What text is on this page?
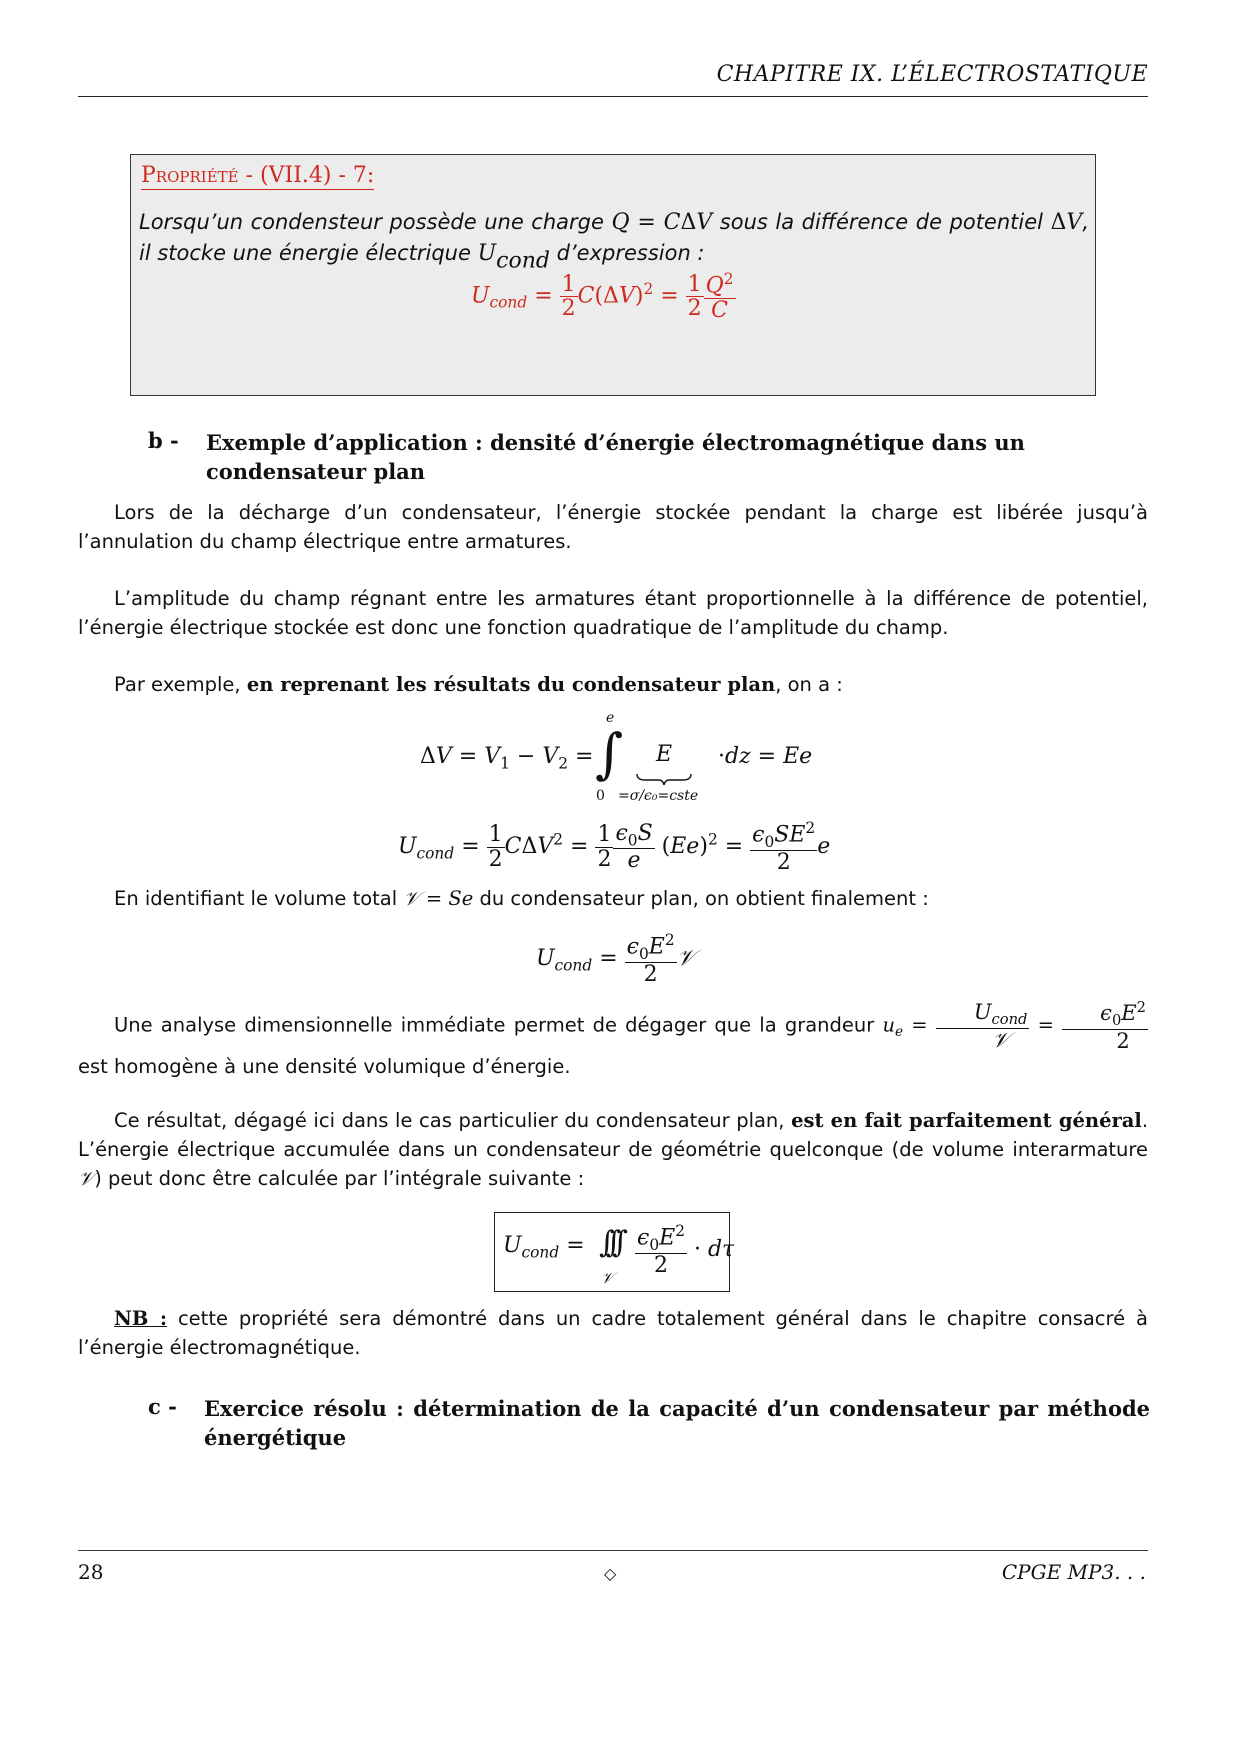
CHAPITRE IX. L’ÉLECTROSTATIQUE
Propriété - (VII.4) - 7:
Lorsqu’un condensteur possède une charge Q = CΔV sous la différence de potentiel ΔV, il stocke une énergie électrique Ucond d’expression :
$U_{cond} = \frac{1}{2} C(\Delta V)^2 = \frac{1}{2} \frac{Q^2}{C}$
b - Exemple d’application : densité d’énergie électromagnétique dans un condensateur plan
Lors de la décharge d’un condensateur, l’énergie stockée pendant la charge est libérée jusqu’à l’annulation du champ électrique entre armatures.
L’amplitude du champ régnant entre les armatures étant proportionnelle à la différence de potentiel, l’énergie électrique stockée est donc une fonction quadratique de l’amplitude du champ.
Par exemple, en reprenant les résultats du condensateur plan, on a :
$\Delta V = V_1 - V_2$ = ∫
e
0
E
=σ/ϵ₀=cste
·dz = Ee
$U_{cond} = \frac{1}{2} C\Delta V^2 = \frac{1}{2} \frac{\epsilon_0S}{e} (Ee)^2 = \frac{\epsilon_0SE^2}{2}$ e
En identifiant le volume total 𝒱 = Se du condensateur plan, on obtient finalement :
$U_{cond} = \frac{\epsilon_0E^2}{2}$ 𝒱
Une analyse dimensionnelle immédiate permet de dégager que la grandeur $u_e = \frac{U_{cond}}{\text{𝒱}} = \frac{\epsilon_0E^2}{2}$
est homogène à une densité volumique d’énergie.
Ce résultat, dégagé ici dans le cas particulier du condensateur plan, est en fait parfaitement général. L’énergie électrique accumulée dans un condensateur de géométrie quelconque (de volume interarmature 𝒱) peut donc être calculée par l’intégrale suivante :
$U_{cond}$ = ∫∫∫
𝒱
$\frac{\epsilon_0E^2}{2} \cdot d\tau$
NB : cette propriété sera démontré dans un cadre totalement général dans le chapitre consacré à l’énergie électromagnétique.
c - Exercice résolu : détermination de la capacité d’un condensateur par méthode énergétique
28	◇	CPGE MP3. . .
